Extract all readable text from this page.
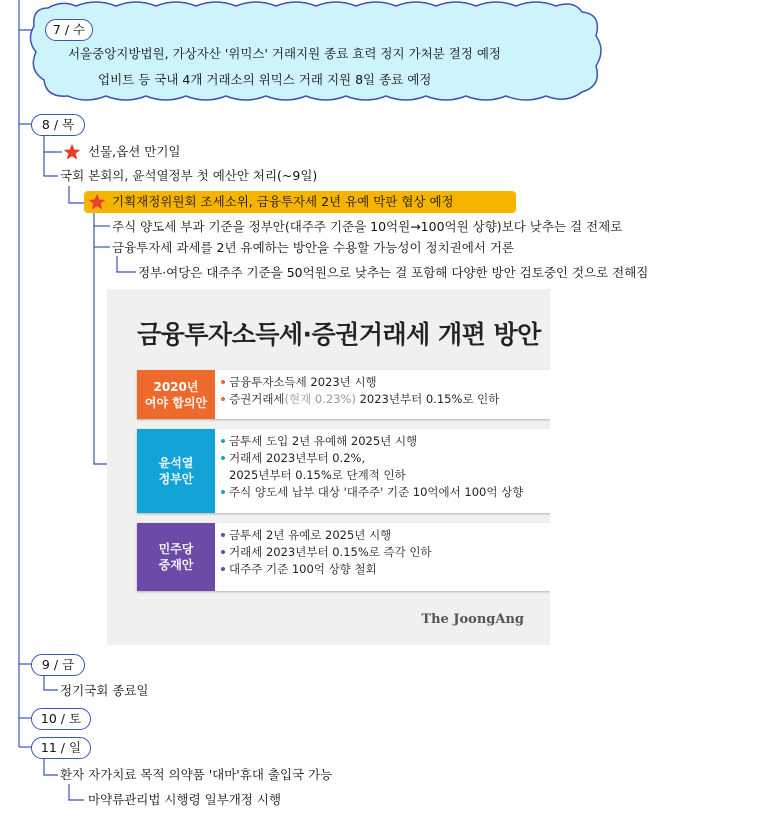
7 / 수
8 / 목
9 / 금
10 / 토
11 / 일
서울중앙지방법원, 가상자산 '위믹스' 거래지원 종료 효력 정지 가처분 결정 예정
업비트 등 국내 4개 거래소의 위믹스 거래 지원 8일 종료 예정
선물,옵션 만기일
국회 본회의, 윤석열정부 첫 예산안 처리(~9일)
기획재정위원회 조세소위, 금융투자세 2년 유예 막판 협상 예정
주식 양도세 부과 기준을 정부안(대주주 기준을 10억원→100억원 상향)보다 낮추는 걸 전제로
금융투자세 과세를 2년 유예하는 방안을 수용할 가능성이 정치권에서 거론
정부·여당은 대주주 기준을 50억원으로 낮추는 걸 포함해 다양한 방안 검토중인 것으로 전해짐
금융투자소득세·증권거래세 개편 방안
2020년
여야 합의안
금융투자소득세 2023년 시행
증권거래세(현재 0.23%) 2023년부터 0.15%로 인하
윤석열
정부안
금투세 도입 2년 유예해 2025년 시행
거래세 2023년부터 0.2%,
2025년부터 0.15%로 단계적 인하
주식 양도세 납부 대상 '대주주' 기준 10억에서 100억 상향
민주당
중재안
금투세 2년 유예로 2025년 시행
거래세 2023년부터 0.15%로 즉각 인하
대주주 기준 100억 상향 철회
The JoongAng
정기국회 종료일
환자 자가치료 목적 의약품 '대마'휴대 출입국 가능
마약류관리법 시행령 일부개정 시행
